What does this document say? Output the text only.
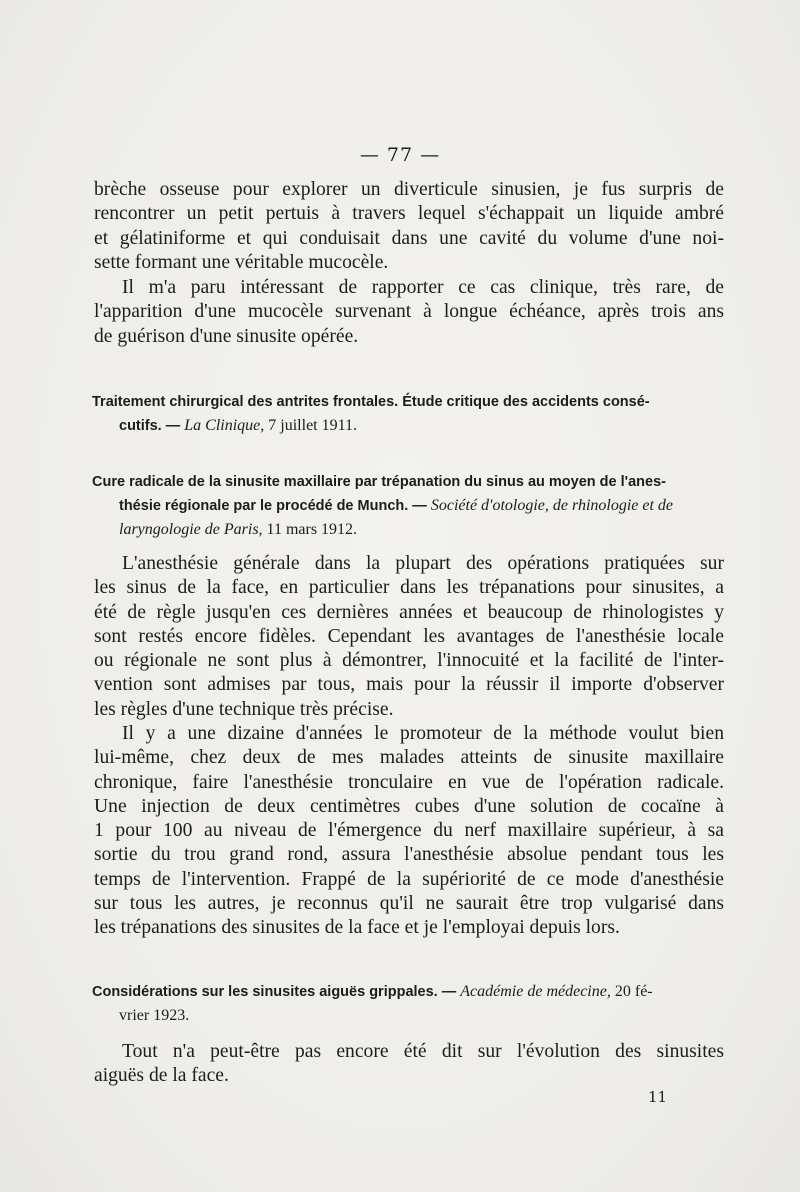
— 77 —
brèche osseuse pour explorer un diverticule sinusien, je fus surpris de
rencontrer un petit pertuis à travers lequel s'échappait un liquide ambré
et gélatiniforme et qui conduisait dans une cavité du volume d'une noi-
sette formant une véritable mucocèle.
Il m'a paru intéressant de rapporter ce cas clinique, très rare, de
l'apparition d'une mucocèle survenant à longue échéance, après trois ans
de guérison d'une sinusite opérée.
Traitement chirurgical des antrites frontales. Étude critique des accidents consé-
cutifs. — La Clinique, 7 juillet 1911.
Cure radicale de la sinusite maxillaire par trépanation du sinus au moyen de l'anes-
thésie régionale par le procédé de Munch. — Société d'otologie, de rhinologie et de
laryngologie de Paris, 11 mars 1912.
L'anesthésie générale dans la plupart des opérations pratiquées sur
les sinus de la face, en particulier dans les trépanations pour sinusites, a
été de règle jusqu'en ces dernières années et beaucoup de rhinologistes y
sont restés encore fidèles. Cependant les avantages de l'anesthésie locale
ou régionale ne sont plus à démontrer, l'innocuité et la facilité de l'inter-
vention sont admises par tous, mais pour la réussir il importe d'observer
les règles d'une technique très précise.
Il y a une dizaine d'années le promoteur de la méthode voulut bien
lui-même, chez deux de mes malades atteints de sinusite maxillaire
chronique, faire l'anesthésie tronculaire en vue de l'opération radicale.
Une injection de deux centimètres cubes d'une solution de cocaïne à
1 pour 100 au niveau de l'émergence du nerf maxillaire supérieur, à sa
sortie du trou grand rond, assura l'anesthésie absolue pendant tous les
temps de l'intervention. Frappé de la supériorité de ce mode d'anesthésie
sur tous les autres, je reconnus qu'il ne saurait être trop vulgarisé dans
les trépanations des sinusites de la face et je l'employai depuis lors.
Considérations sur les sinusites aiguës grippales. — Académie de médecine, 20 fé-
vrier 1923.
Tout n'a peut-être pas encore été dit sur l'évolution des sinusites
aiguës de la face.
11
